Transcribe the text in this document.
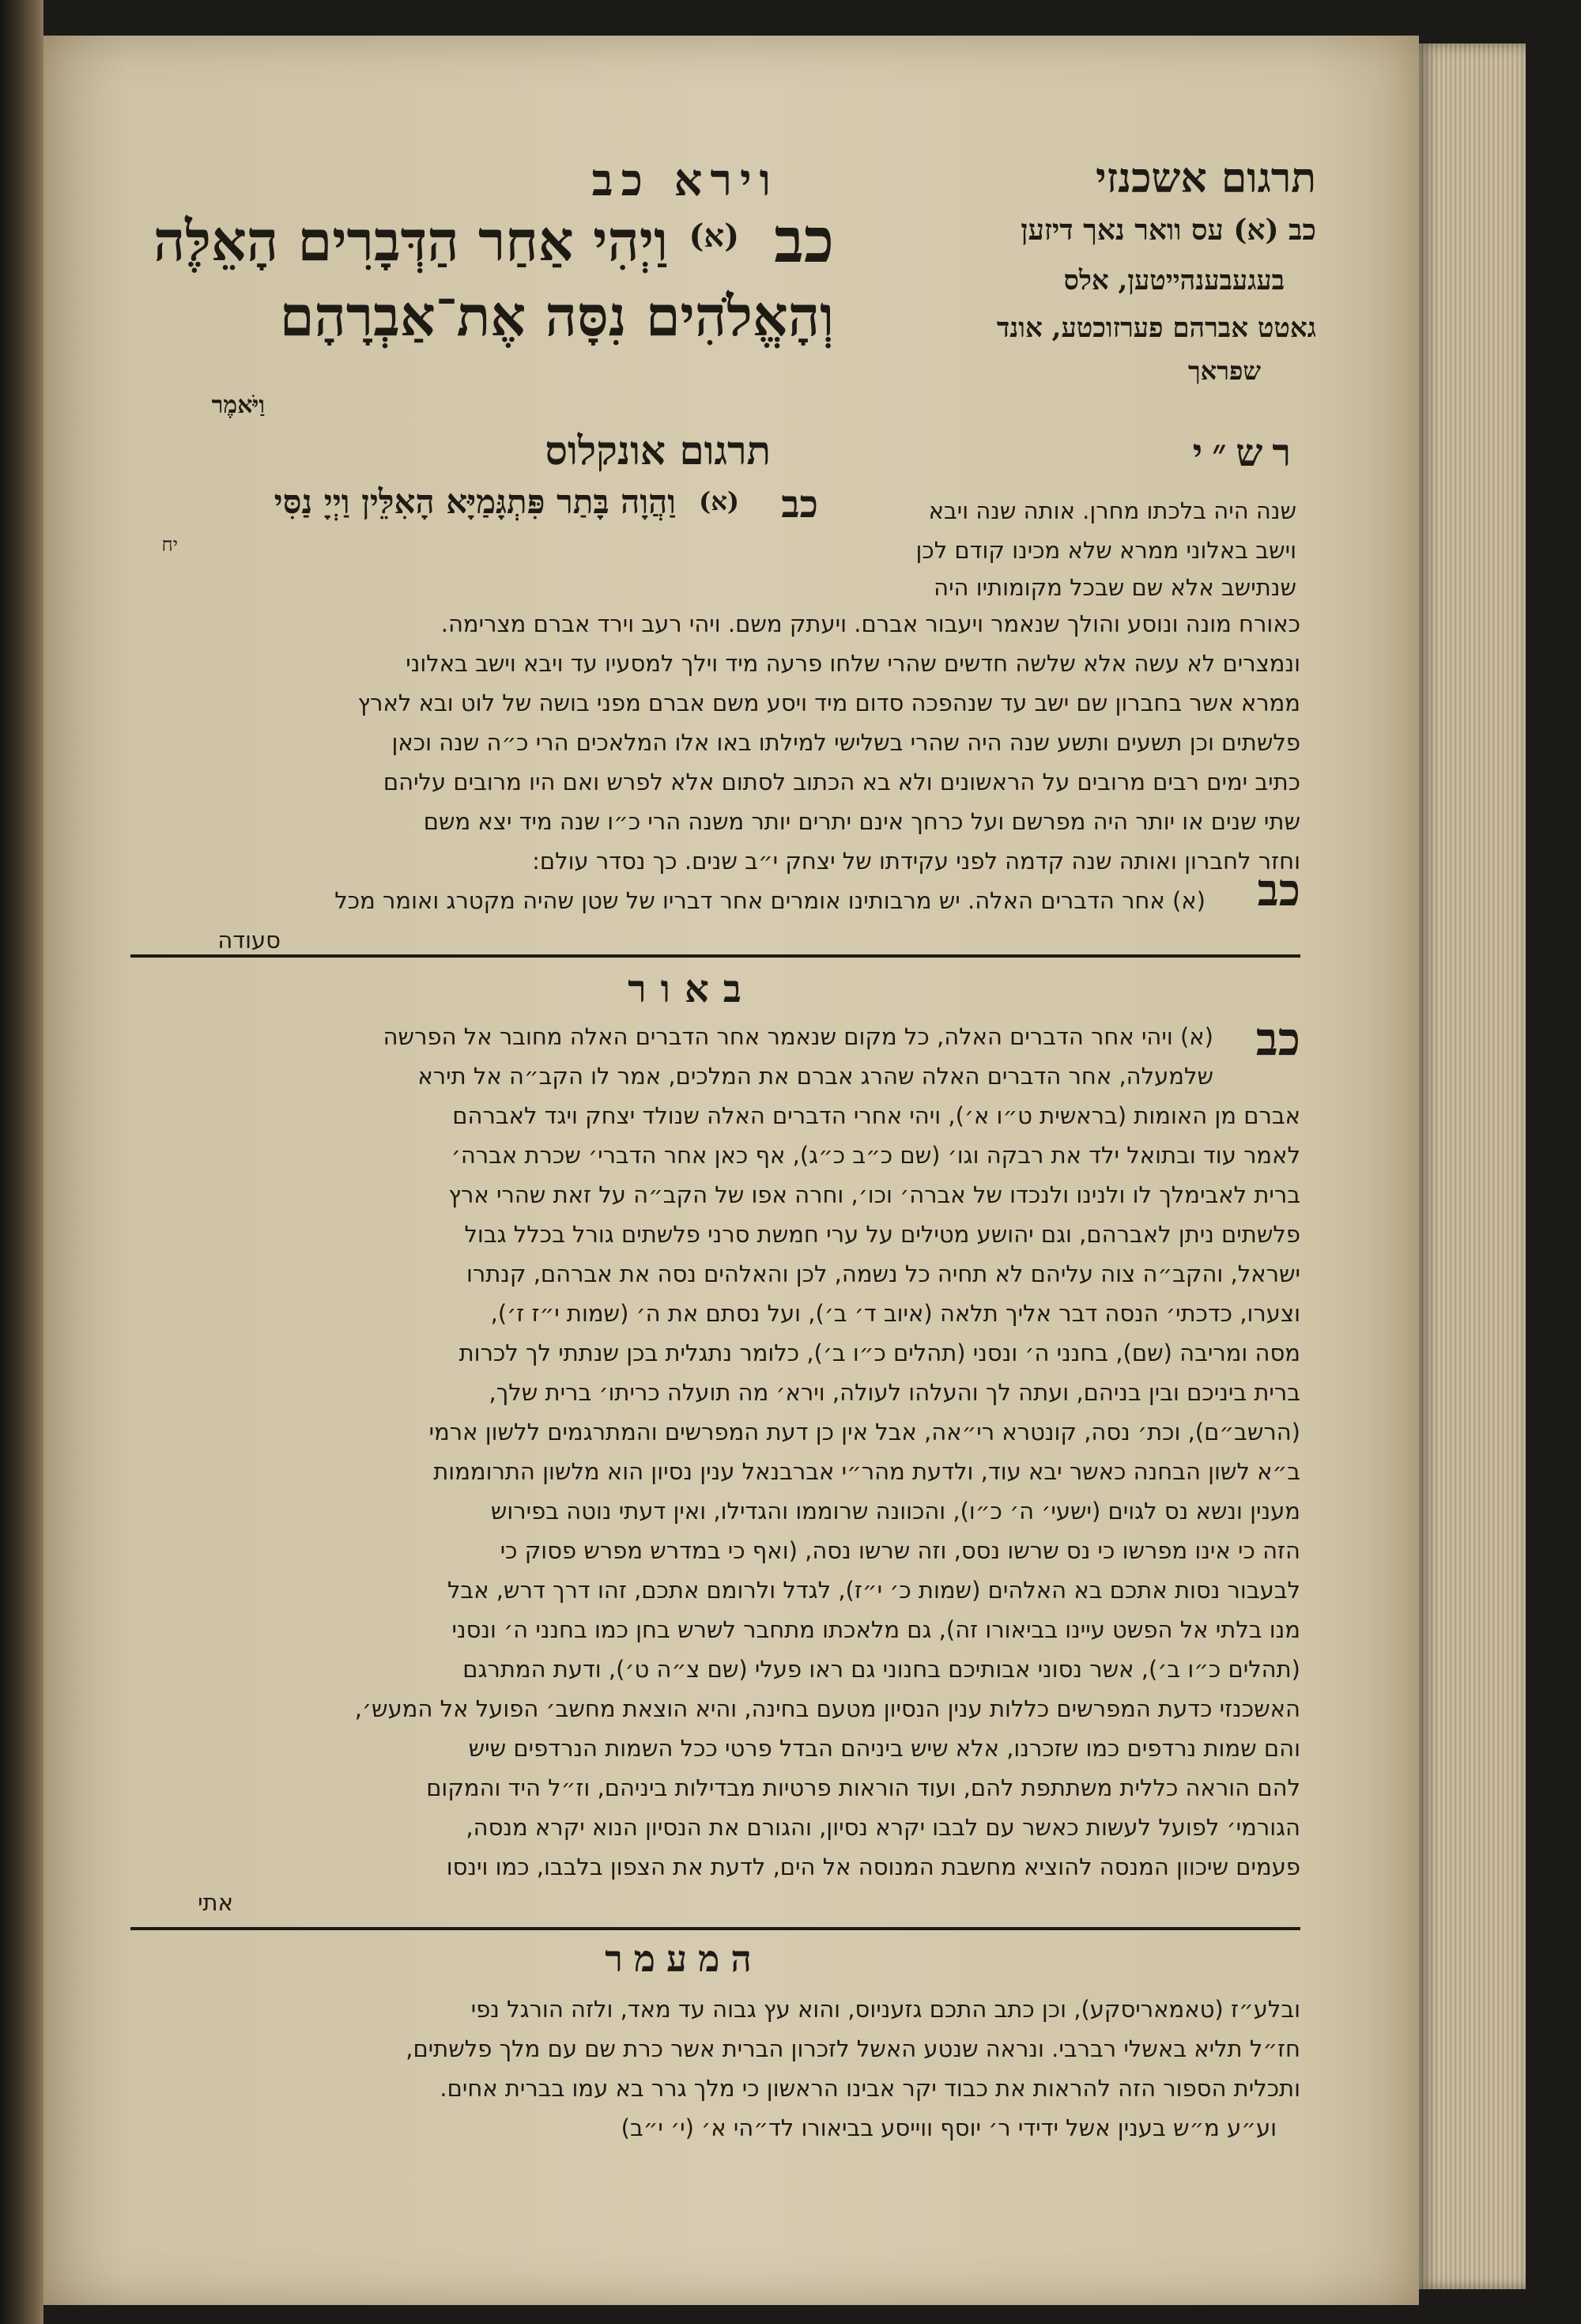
תרגום אשכנזי
וירא כב
כב (א) עס וואר נאך דיזען
בעגעבענהייטען, אלס
גאטט אברהם פערזוכטע, אונד
שפראך
כב
(א)
וַיְהִי אַחַר הַדְּבָרִים הָאֵלֶּה
וְהָאֱלֹהִים נִסָּה אֶת־אַבְרָהָם
וַיֹּאמֶר
רש״י
תרגום אונקלוס
כב
(א)
וַהֲוָה בָּתַר פִּתְגָּמַיָּא הָאִלֵּין וַיְיָ נַסִּי
יח
שנה היה בלכתו מחרן. אותה שנה ויבא
וישב באלוני ממרא שלא מכינו קודם לכן
שנתישב אלא שם שבכל מקומותיו היה
כאורח מונה ונוסע והולך שנאמר ויעבור אברם. ויעתק משם. ויהי רעב וירד אברם מצרימה.
ונמצרים לא עשה אלא שלשה חדשים שהרי שלחו פרעה מיד וילך למסעיו עד ויבא וישב באלוני
ממרא אשר בחברון שם ישב עד שנהפכה סדום מיד ויסע משם אברם מפני בושה של לוט ובא לארץ
פלשתים וכן תשעים ותשע שנה היה שהרי בשלישי למילתו באו אלו המלאכים הרי כ״ה שנה וכאן
כתיב ימים רבים מרובים על הראשונים ולא בא הכתוב לסתום אלא לפרש ואם היו מרובים עליהם
שתי שנים או יותר היה מפרשם ועל כרחך אינם יתרים יותר משנה הרי כ״ו שנה מיד יצא משם
וחזר לחברון ואותה שנה קדמה לפני עקידתו של יצחק י״ב שנים. כך נסדר עולם:
כב
(א) אחר הדברים האלה. יש מרבותינו אומרים אחר דבריו של שטן שהיה מקטרג ואומר מכל
סעודה
באור
כב
(א) ויהי אחר הדברים האלה, כל מקום שנאמר אחר הדברים האלה מחובר אל הפרשה
שלמעלה, אחר הדברים האלה שהרג אברם את המלכים, אמר לו הקב״ה אל תירא
אברם מן האומות (בראשית ט״ו א׳), ויהי אחרי הדברים האלה שנולד יצחק ויגד לאברהם
לאמר עוד ובתואל ילד את רבקה וגו׳ (שם כ״ב כ״ג), אף כאן אחר הדברי׳ שכרת אברה׳
ברית לאבימלך לו ולנינו ולנכדו של אברה׳ וכו׳, וחרה אפו של הקב״ה על זאת שהרי ארץ
פלשתים ניתן לאברהם, וגם יהושע מטילים על ערי חמשת סרני פלשתים גורל בכלל גבול
ישראל, והקב״ה צוה עליהם לא תחיה כל נשמה, לכן והאלהים נסה את אברהם, קנתרו
וצערו, כדכתי׳ הנסה דבר אליך תלאה (איוב ד׳ ב׳), ועל נסתם את ה׳ (שמות י״ז ז׳),
מסה ומריבה (שם), בחנני ה׳ ונסני (תהלים כ״ו ב׳), כלומר נתגלית בכן שנתתי לך לכרות
ברית ביניכם ובין בניהם, ועתה לך והעלהו לעולה, וירא׳ מה תועלה כריתו׳ ברית שלך,
(הרשב״ם), וכת׳ נסה, קונטרא רי״אה, אבל אין כן דעת המפרשים והמתרגמים ללשון ארמי
ב״א לשון הבחנה כאשר יבא עוד, ולדעת מהר״י אברבנאל ענין נסיון הוא מלשון התרוממות
מענין ונשא נס לגוים (ישעי׳ ה׳ כ״ו), והכוונה שרוממו והגדילו, ואין דעתי נוטה בפירוש
הזה כי אינו מפרשו כי נס שרשו נסס, וזה שרשו נסה, (ואף כי במדרש מפרש פסוק כי
לבעבור נסות אתכם בא האלהים (שמות כ׳ י״ז), לגדל ולרומם אתכם, זהו דרך דרש, אבל
מנו בלתי אל הפשט עיינו בביאורו זה), גם מלאכתו מתחבר לשרש בחן כמו בחנני ה׳ ונסני
(תהלים כ״ו ב׳), אשר נסוני אבותיכם בחנוני גם ראו פעלי (שם צ״ה ט׳), ודעת המתרגם
האשכנזי כדעת המפרשים כללות ענין הנסיון מטעם בחינה, והיא הוצאת מחשב׳ הפועל אל המעש׳,
והם שמות נרדפים כמו שזכרנו, אלא שיש ביניהם הבדל פרטי ככל השמות הנרדפים שיש
להם הוראה כללית משתתפת להם, ועוד הוראות פרטיות מבדילות ביניהם, וז״ל היד והמקום
הגורמי׳ לפועל לעשות כאשר עם לבבו יקרא נסיון, והגורם את הנסיון הנוא יקרא מנסה,
פעמים שיכוון המנסה להוציא מחשבת המנוסה אל הים, לדעת את הצפון בלבבו, כמו וינסו
אתי
המעמר
ובלע״ז (טאמאריסקע), וכן כתב התכם גזעניוס, והוא עץ גבוה עד מאד, ולזה הורגל נפי
חז״ל תליא באשלי רברבי. ונראה שנטע האשל לזכרון הברית אשר כרת שם עם מלך פלשתים,
ותכלית הספור הזה להראות את כבוד יקר אבינו הראשון כי מלך גרר בא עמו בברית אחים.
וע״ע מ״ש בענין אשל ידידי ר׳ יוסף ווייסע בביאורו לד״הי א׳ (י׳ י״ב)
